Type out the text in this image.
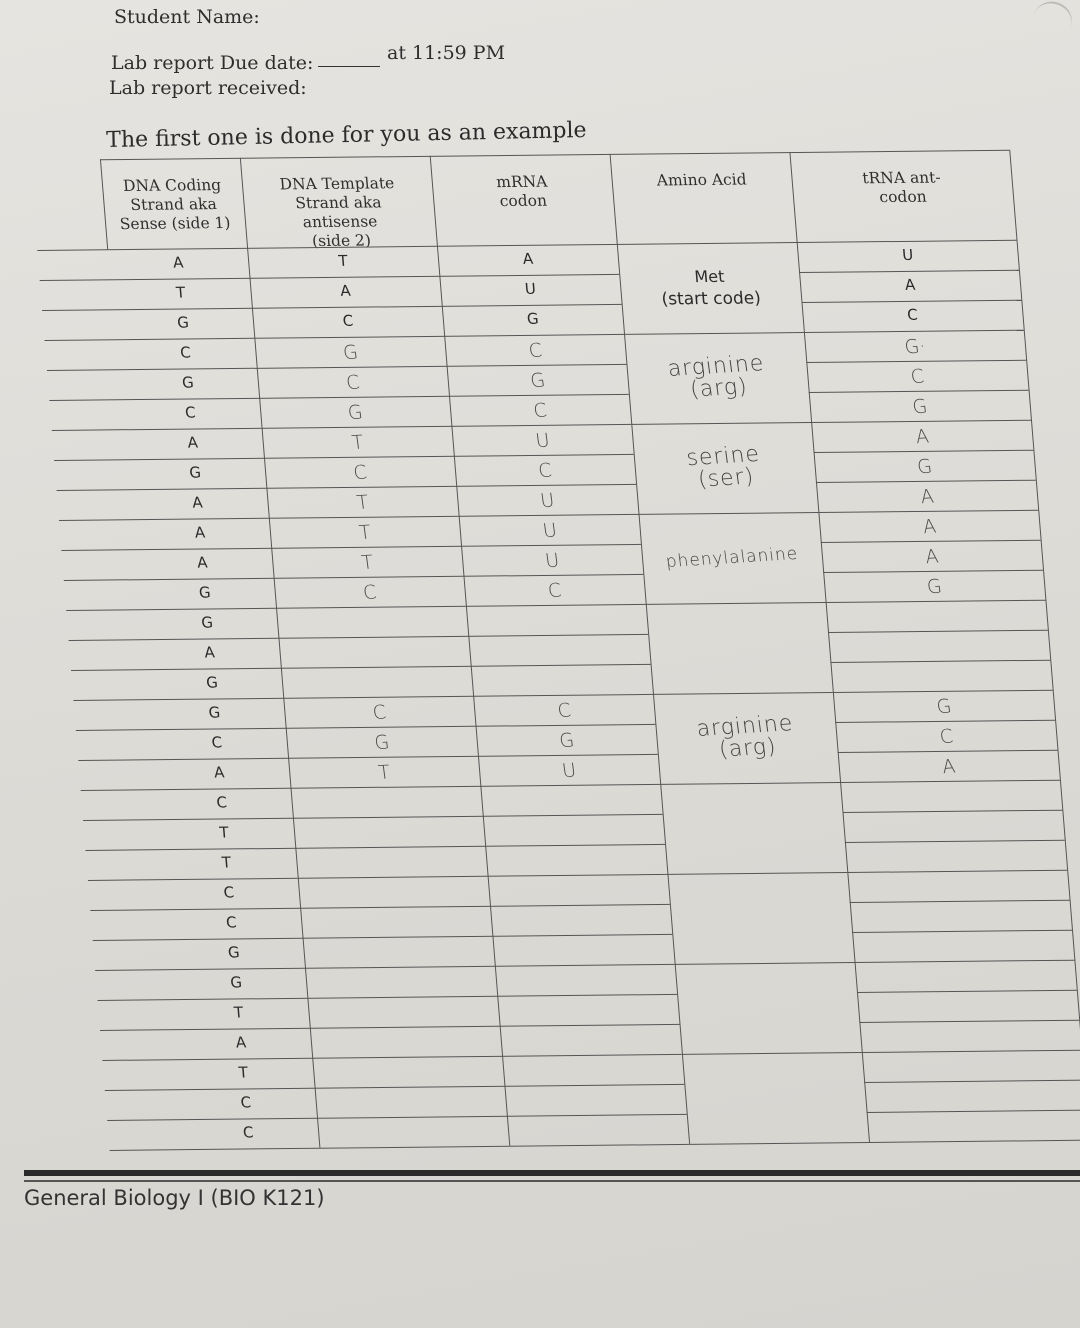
Student Name:
Lab report Due date:	at 11:59 PM
Lab report received:
The first one is done for you as an example
DNA Coding
Strand aka
Sense (side 1)
DNA Template
Strand aka
antisense
(side 2)
mRNA
codon
Amino Acid	tRNA ant-
codon
A
T
G
C
G
C
A
G
A
A
A
G
G
A
G
G
C
A
C
T
T
C
C
G
G
T
A
T
C
C
T
A
C
G
C
G
T
C
T
T
T
C
C
G
T
A
U
G
C
G
C
U
C
U
U
U
C
C
G
U
U
A
C
G·
C
G
A
G
A
A
A
G
G
C
A
Met
(start code)
arginine
(arg)
serine
(ser)
phenylalanine
arginine
(arg)
General Biology I (BIO K121)
